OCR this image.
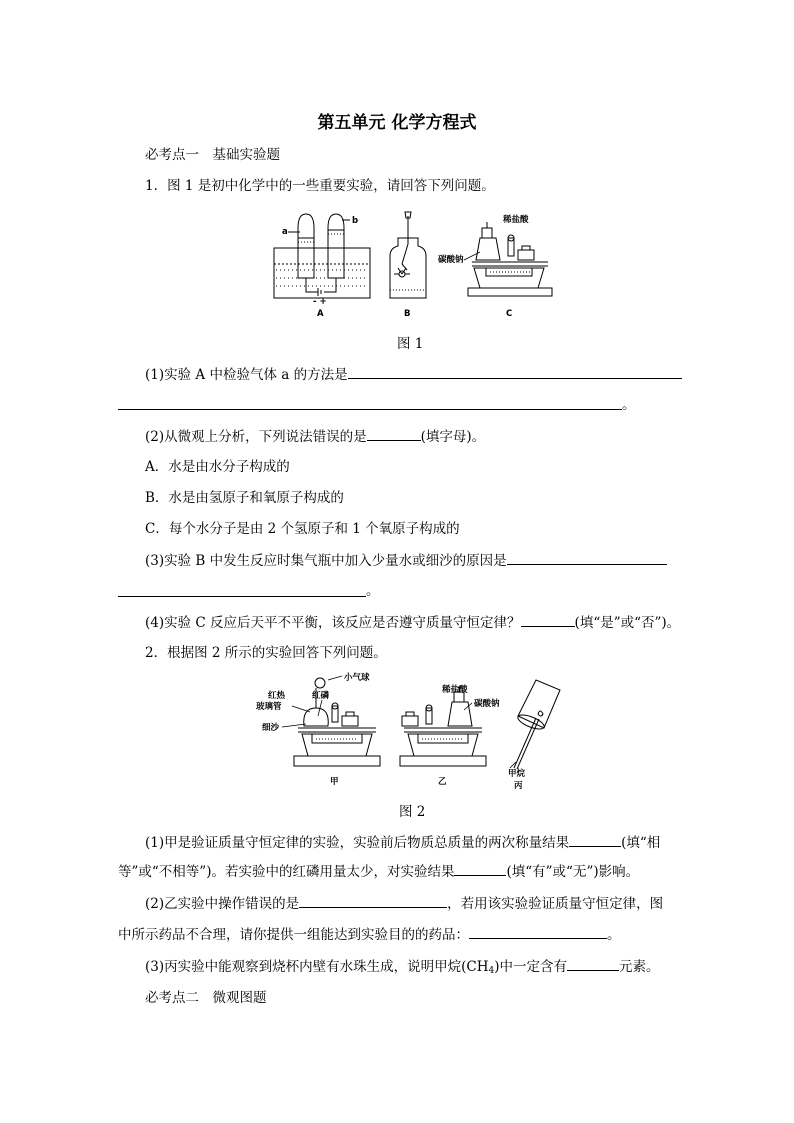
第五单元 化学方程式
必考点一　基础实验题
1．图 1 是初中化学中的一些重要实验，请回答下列问题。
a
b
- +
A	B
稀盐酸
碳酸钠
C
图 1
(1)实验 A 中检验气体 a 的方法是
。
(2)从微观上分析，下列说法错误的是	(填字母)。
A．水是由水分子构成的
B．水是由氢原子和氧原子构成的
C．每个水分子是由 2 个氢原子和 1 个氧原子构成的
(3)实验 B 中发生反应时集气瓶中加入少量水或细沙的原因是
。
(4)实验 C 反应后天平不平衡，该反应是否遵守质量守恒定律？	(填“是”或“否”)。
2．根据图 2 所示的实验回答下列问题。
小气球
红热
玻璃管
红磷
细沙
甲
稀盐酸
碳酸钠
乙
甲烷
丙
图 2
(1)甲是验证质量守恒定律的实验，实验前后物质总质量的两次称量结果	(填“相
等”或“不相等”)。若实验中的红磷用量太少，对实验结果	(填“有”或“无”)影响。
(2)乙实验中操作错误的是	，若用该实验验证质量守恒定律，图
中所示药品不合理，请你提供一组能达到实验目的的药品：	。
(3)丙实验中能观察到烧杯内壁有水珠生成，说明甲烷$(CH_4)$中一定含有	元素。
必考点二　微观图题
